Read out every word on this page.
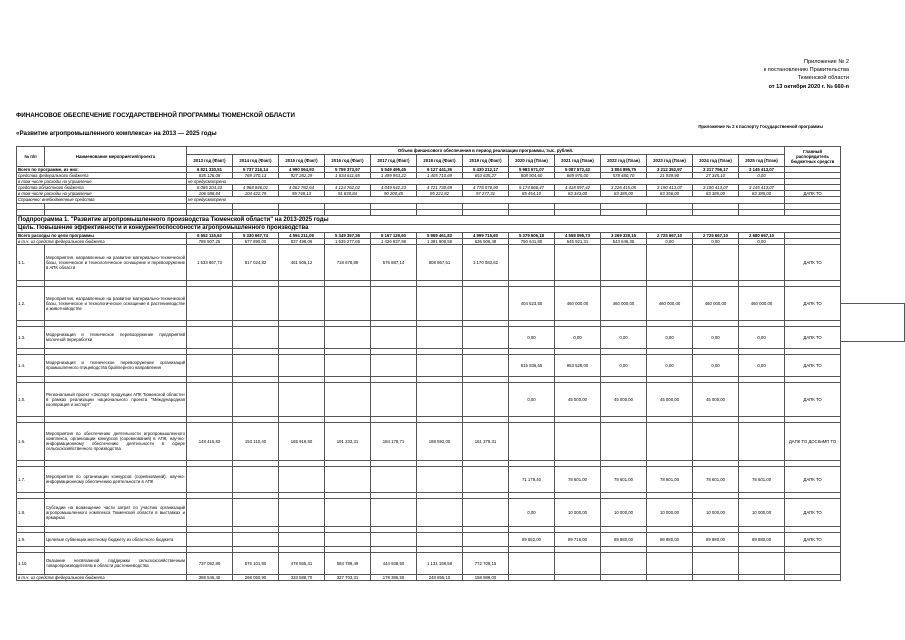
Приложение № 2
к постановлению Правительства
Тюменской области
от 13 октября 2020 г. № 660-п
ФИНАНСОВОЕ ОБЕСПЕЧЕНИЕ ГОСУДАРСТВЕННОЙ ПРОГРАММЫ ТЮМЕНСКОЙ ОБЛАСТИ
«Развитие агропромышленного комплекса» на 2013 — 2025 годы
Приложение № 2 к паспорту Государственной программы
№ п/п	Наименование мероприятия/проекта	Объем финансового обеспечения в период реализации программы, тыс. рублей.													Главный распорядитель бюджетных средств
		2013 год (Факт)	2014 год (Факт)	2015 год (Факт)	2016 год (Факт)	2017 год (Факт)	2018 год (Факт)	2019 год (Факт)	2020 год (План)	2021 год (План)	2022 год (План)	2023 год (План)	2024 год (План)	2025 год (План)	
Всего по программе, из них:		6 821 330,51	5 737 216,14	4 990 064,93	5 759 373,67	5 549 495,45	6 127 441,36	5 430 212,17	5 983 671,07	5 087 572,42	3 804 895,75	3 212 352,97	3 217 756,17	3 145 413,07	
средства федерального бюджета		835 126,08	769 370,13	927 282,29	1 634 611,65	1 499 953,22	1 405 710,69	653 635,27	808 904,60	669 975,00	578 480,70	21 939,90	27 345,10	0,00	
в том числе расходы на управление		не предусмотрено													
средства областного бюджета		6 086 204,43	4 968 846,01	4 062 782,64	4 124 762,02	4 049 542,23	4 721 730,69	4 776 576,90	5 174 666,47	4 418 597,42	3 226 415,05	3 190 413,07	3 190 413,07	3 145 413,07	
в том числе расходы на управление		106 588,84	104 422,79	99 748,13	91 830,84	90 200,45	95 221,82	97 277,31	85 454,10	83 343,00	83 385,00	83 356,00	83 385,00	83 385,00	ДАПК ТО
Справочно: внебюджетные средства		не предусмотрено													

Подпрограмма 1. "Развитие агропромышленного производства Тюменской области" на 2013-2025 годы															
Цель. Повышение эффективности и конкурентоспособности агропромышленного производства															
Всего расходы по цели программы		6 552 115,62	5 330 667,74	4 594 211,09	5 349 357,36	5 167 129,60	5 969 461,83	4 999 715,60	5 379 606,18	4 558 095,73	3 269 329,15	2 725 667,10	2 725 667,10	2 680 667,10	
в т.ч. из средств федерального бюджета		785 507,25	677 890,00	837 498,06	1 535 277,65	1 426 937,98	1 391 908,59	636 506,48	750 641,80	645 921,31	543 646,35	0,00	0,00	0,00	
1.1.	Мероприятия, направленные на развитие материально-технической базы, техническое и технологическое оснащение и перевооружение в АПК области	1 533 867,73	817 024,82	461 505,12	718 678,89	576 887,14	808 867,51	1 170 083,62							ДАПК ТО

1.2.	Мероприятия, направленные на развитие материально-технической базы, техническое и технологическое оснащение в растениеводстве и животноводстве								404 523,50	460 000,00	460 000,00	460 000,00	460 000,00	460 000,00	ДАПК ТО

1.3.	Модернизация и техническое перевооружение предприятий молочной переработки								0,00	0,00	0,00	0,00	0,00	0,00	ДАПК ТО

1.4.	Модернизация и техническое перевооружение организаций промышленного птицеводства бройлерного направления								815 936,65	853 528,00	0,00	0,00	0,00	0,00	ДАПК ТО

1.5.	Региональный проект «Экспорт продукции АПК Тюменской области» в рамках реализации национального проекта "Международная кооперация и экспорт"								0,00	45 000,00	45 000,00	45 000,00	45 000,00		ДАПК ТО

1.6.	Мероприятия по обеспечению деятельности агропромышленного комплекса, организации конкурсов (соревнований) в АПК, научно-информационному обеспечению деятельности в сфере сельскохозяйственного производства	148 415,82	153 110,40	165 919,50	191 233,31	184 178,71	188 592,00	161 378,31							ДАПК ТО ДОСКиМП ТО

1.7.	Мероприятия по организации конкурсов (соревнований), научно-информационному обеспечению деятельности в АПК								71 179,40	78 601,00	78 601,00	78 601,00	78 601,00	78 601,00	ДАПК ТО

1.8.	Субсидии на возмещение части затрат по участию организаций агропромышленного комплекса Тюменской области в выставках и ярмарках								0,00	10 000,00	10 000,00	10 000,00	10 000,00	10 000,00	ДАПК ТО

1.9.	Целевые субвенции местному бюджету из областного бюджета								89 552,00	89 716,00	89 880,00	89 880,00	89 880,00	89 880,00	ДАПК ТО

1.10.	Оказание несвязанной поддержки сельскохозяйственным товаропроизводителям в области растениеводства	737 092,80	576 101,80	478 555,31	584 789,49	444 938,50	1 131 158,58	772 709,15							
в т.ч. из средств федерального бюджета		388 546,40	268 050,90	333 588,70	327 703,31	178 386,50	248 855,10	158 989,00							
